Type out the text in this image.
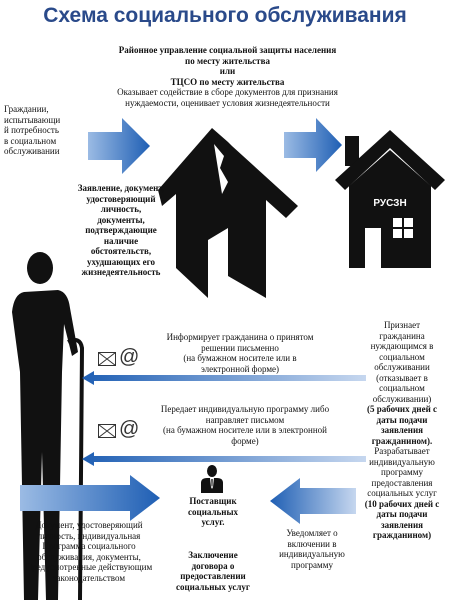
Схема социального обслуживания
Районное управление социальной защиты населения
по месту жительства
или
ТЦСО по месту жительства
Оказывает содействие в сборе документов для признания
нуждаемости, оценивает условия жизнедеятельности
Граждании,
испытывающи
й потребность
в социальном
обслуживании
Заявление, документ,
удостоверяющий
личность,
документы,
подтверждающие
наличие
обстоятельств,
ухудшающих его
жизнедеятельность
РУСЗН
@
Информирует гражданина о принятом
решении письменно
(на бумажном носителе или в
электронной форме)
@
Передает индивидуальную программу либо
направляет письмом
(на бумажном носителе или в электронной
форме)
Признает
гражданина
нуждающимся в
социальном
обслуживании
(отказывает в
социальном
обслуживании)
(5 рабочих дней с
даты подачи
заявления
гражданином).
Разрабатывает
индивидуальную
программу
предоставления
социальных услуг
(10 рабочих дней с
даты подачи
заявления
гражданином)
Поставщик
социальных
услуг.
Заключение
договора о
предоставлении
социальных услуг
Документ, удостоверяющий
личность, индивидуальная
Программа социального
обслуживания, документы,
Предусмотренные действующим
законодательством
Уведомляет о
включении в
индивидуальную
программу
